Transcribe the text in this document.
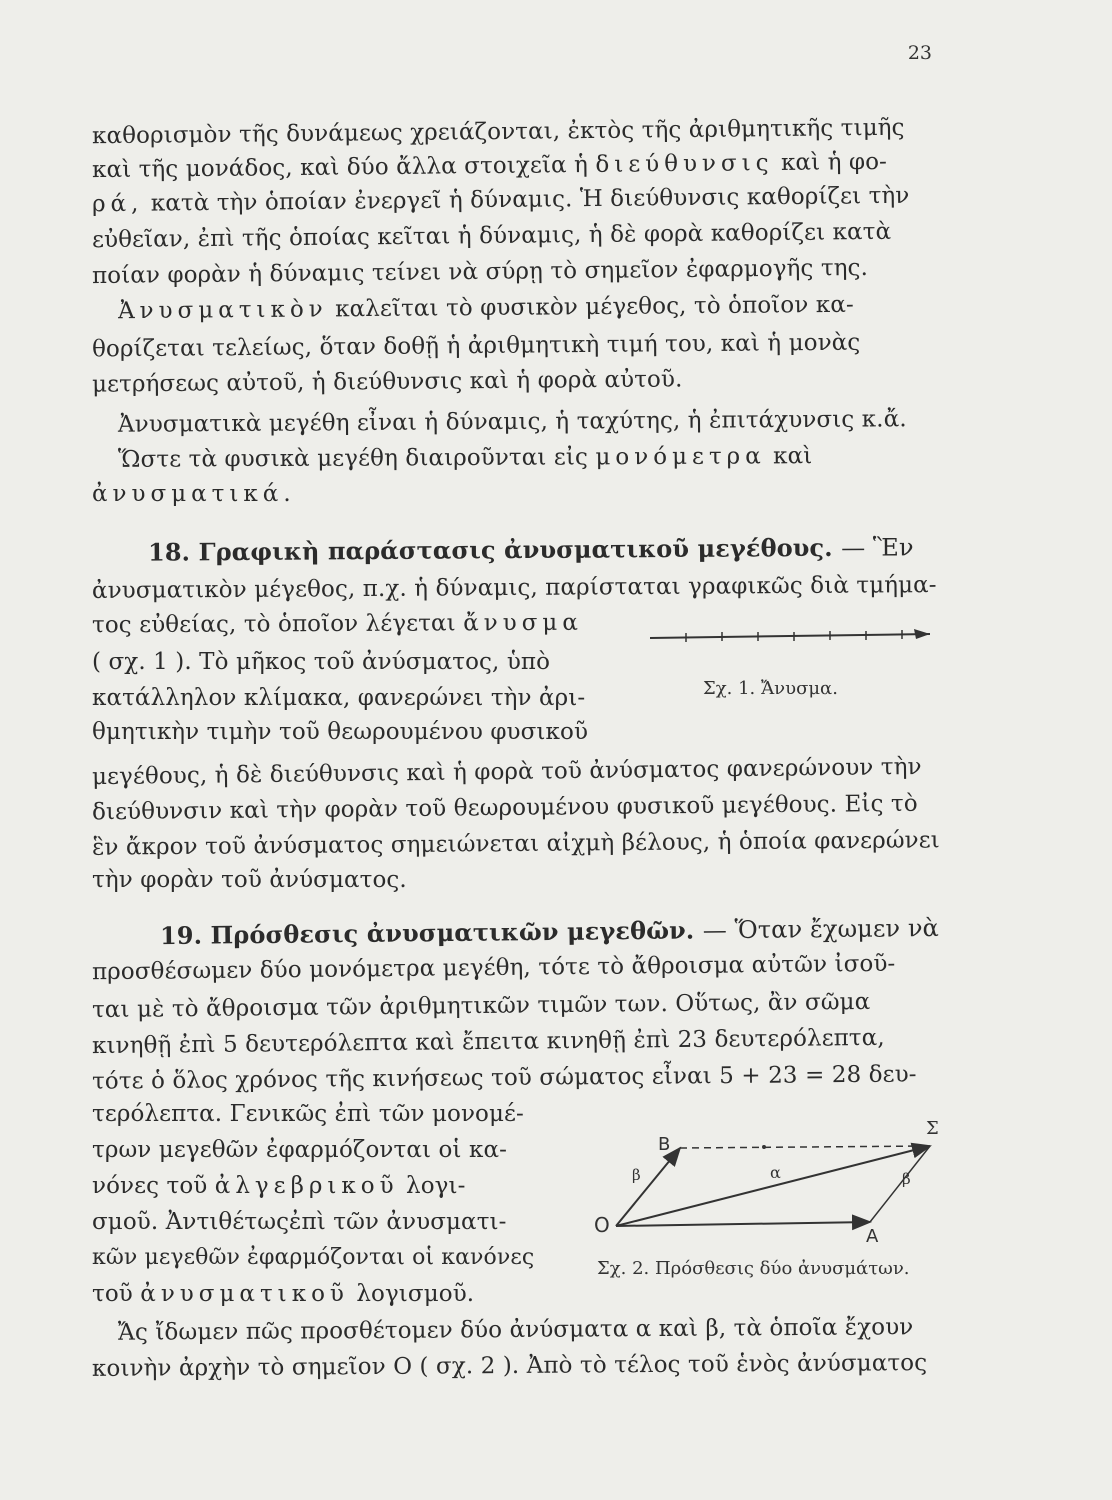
23
καθορισμὸν τῆς δυνάμεως χρειάζονται, ἐκτὸς τῆς ἀριθμητικῆς τιμῆς
καὶ τῆς μονάδος, καὶ δύο ἄλλα στοιχεῖα ἡ διεύθυνσις καὶ ἡ φο-
ρά, κατὰ τὴν ὁποίαν ἐνεργεῖ ἡ δύναμις. Ἡ διεύθυνσις καθορίζει τὴν
εὐθεῖαν, ἐπὶ τῆς ὁποίας κεῖται ἡ δύναμις, ἡ δὲ φορὰ καθορίζει κατὰ
ποίαν φορὰν ἡ δύναμις τείνει νὰ σύρῃ τὸ σημεῖον ἐφαρμογῆς της.
Ἀνυσματικὸν καλεῖται τὸ φυσικὸν μέγεθος, τὸ ὁποῖον κα-
θορίζεται τελείως, ὅταν δοθῇ ἡ ἀριθμητικὴ τιμή του, καὶ ἡ μονὰς
μετρήσεως αὐτοῦ, ἡ διεύθυνσις καὶ ἡ φορὰ αὐτοῦ.
Ἀνυσματικὰ μεγέθη εἶναι ἡ δύναμις, ἡ ταχύτης, ἡ ἐπιτάχυνσις κ.ἄ.
Ὥστε τὰ φυσικὰ μεγέθη διαιροῦνται εἰς μονόμετρα καὶ
ἀνυσματικά.
18. Γραφικὴ παράστασις ἀνυσματικοῦ μεγέθους. — Ἓν
ἀνυσματικὸν μέγεθος, π.χ. ἡ δύναμις, παρίσταται γραφικῶς διὰ τμήμα-
τος εὐθείας, τὸ ὁποῖον λέγεται ἄνυσμα
( σχ. 1 ). Τὸ μῆκος τοῦ ἀνύσματος, ὑπὸ
κατάλληλον κλίμακα, φανερώνει τὴν ἀρι-
θμητικὴν τιμὴν τοῦ θεωρουμένου φυσικοῦ
Σχ. 1. Ἄνυσμα.
μεγέθους, ἡ δὲ διεύθυνσις καὶ ἡ φορὰ τοῦ ἀνύσματος φανερώνουν τὴν
διεύθυνσιν καὶ τὴν φορὰν τοῦ θεωρουμένου φυσικοῦ μεγέθους. Εἰς τὸ
ἓν ἄκρον τοῦ ἀνύσματος σημειώνεται αἰχμὴ βέλους, ἡ ὁποία φανερώνει
τὴν φορὰν τοῦ ἀνύσματος.
19. Πρόσθεσις ἀνυσματικῶν μεγεθῶν. — Ὅταν ἔχωμεν νὰ
προσθέσωμεν δύο μονόμετρα μεγέθη, τότε τὸ ἄθροισμα αὐτῶν ἰσοῦ-
ται μὲ τὸ ἄθροισμα τῶν ἀριθμητικῶν τιμῶν των. Οὕτως, ἂν σῶμα
κινηθῇ ἐπὶ 5 δευτερόλεπτα καὶ ἔπειτα κινηθῇ ἐπὶ 23 δευτερόλεπτα,
τότε ὁ ὅλος χρόνος τῆς κινήσεως τοῦ σώματος εἶναι 5 + 23 = 28 δευ-
τερόλεπτα. Γενικῶς ἐπὶ τῶν μονομέ-
τρων μεγεθῶν ἐφαρμόζονται οἱ κα-
νόνες τοῦ ἀλγεβρικοῦ λογι-
σμοῦ. Ἀντιθέτωςἐπὶ τῶν ἀνυσματι-
κῶν μεγεθῶν ἐφαρμόζονται οἱ κανόνες
τοῦ ἀνυσματικοῦ λογισμοῦ.
O	A
B
Σ
α
β	β
Σχ. 2. Πρόσθεσις δύο ἀνυσμάτων.
Ἄς ἴδωμεν πῶς προσθέτομεν δύο ἀνύσματα α καὶ β, τὰ ὁποῖα ἔχουν
κοινὴν ἀρχὴν τὸ σημεῖον Ο ( σχ. 2 ). Ἀπὸ τὸ τέλος τοῦ ἑνὸς ἀνύσματος
